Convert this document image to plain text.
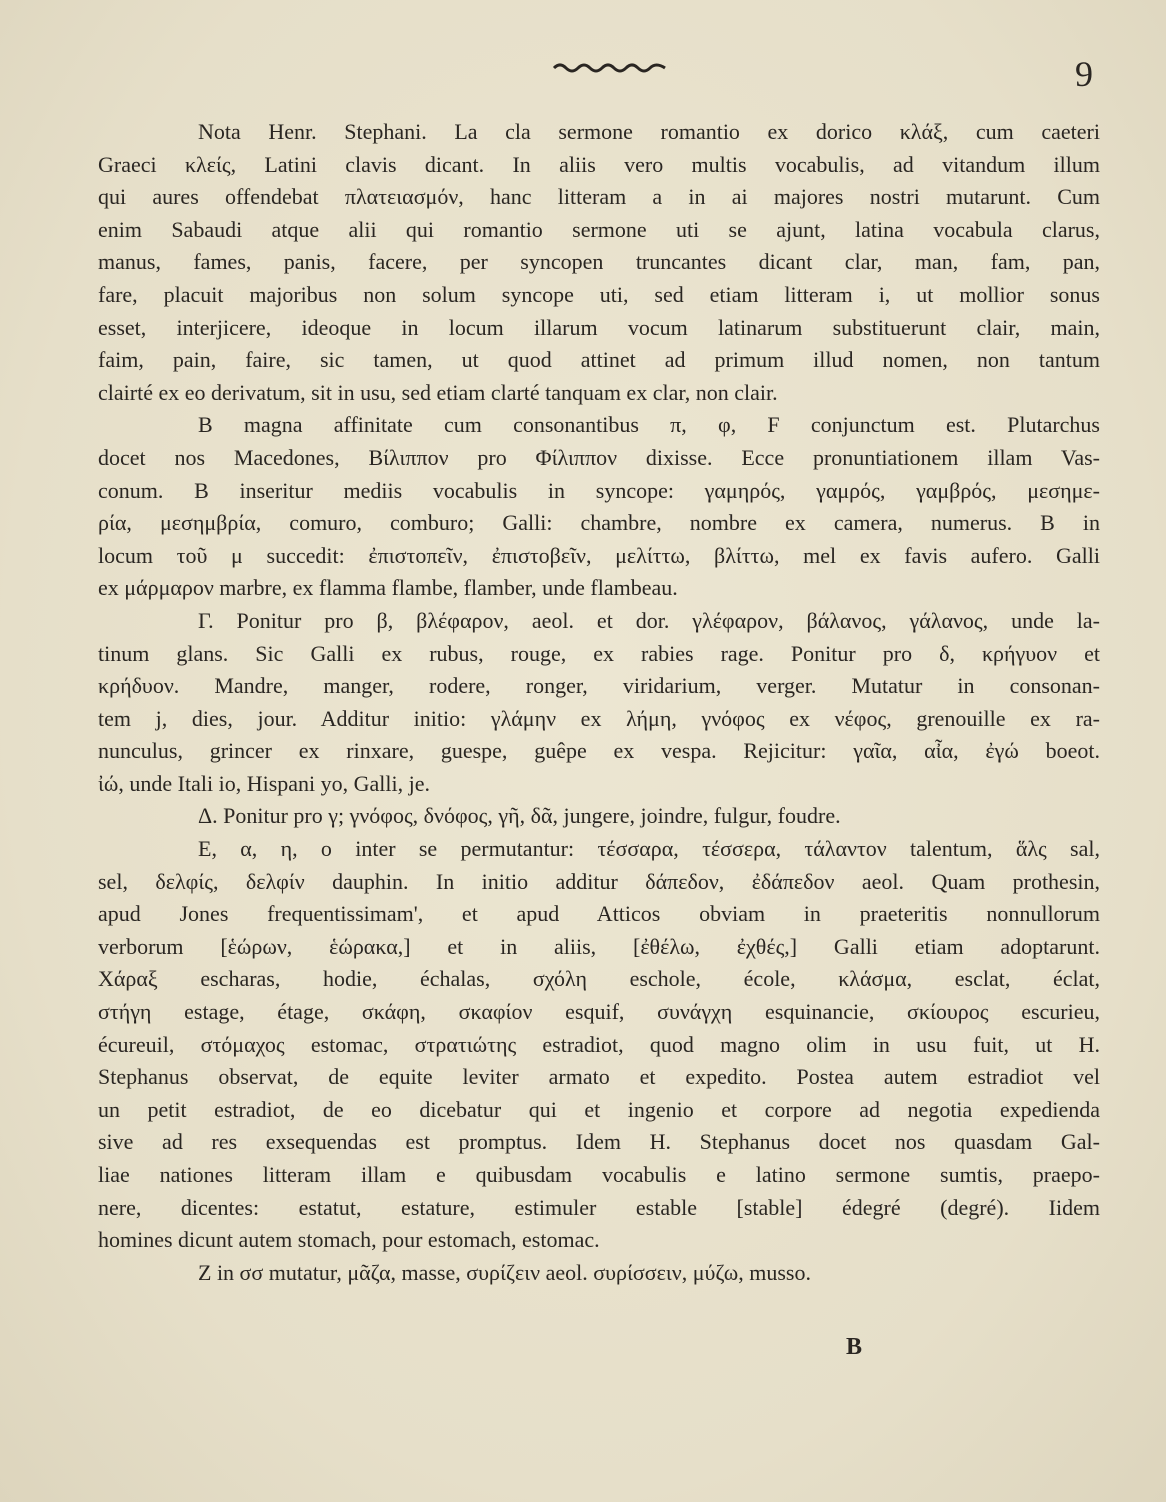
9
Nota Henr. Stephani. La cla sermone romantio ex dorico κλάξ, cum caeteri
Graeci κλείς, Latini clavis dicant. In aliis vero multis vocabulis, ad vitandum illum
qui aures offendebat πλατειασμόν, hanc litteram a in ai majores nostri mutarunt. Cum
enim Sabaudi atque alii qui romantio sermone uti se ajunt, latina vocabula clarus,
manus, fames, panis, facere, per syncopen truncantes dicant clar, man, fam, pan,
fare, placuit majoribus non solum syncope uti, sed etiam litteram i, ut mollior sonus
esset, interjicere, ideoque in locum illarum vocum latinarum substituerunt clair, main,
faim, pain, faire, sic tamen, ut quod attinet ad primum illud nomen, non tantum
clairté ex eo derivatum, sit in usu, sed etiam clarté tanquam ex clar, non clair.
B magna affinitate cum consonantibus π, φ, F conjunctum est. Plutarchus
docet nos Macedones, Βίλιππον pro Φίλιππον dixisse. Ecce pronuntiationem illam Vas-
conum. B inseritur mediis vocabulis in syncope: γαμηρός, γαμρός, γαμβρός, μεσημε-
ρία, μεσημβρία, comuro, comburo; Galli: chambre, nombre ex camera, numerus. B in
locum τοῦ μ succedit: ἐπιστοπεῖν, ἐπιστοβεῖν, μελίττω, βλίττω, mel ex favis aufero. Galli
ex μάρμαρον marbre, ex flamma flambe, flamber, unde flambeau.
Γ. Ponitur pro β, βλέφαρον, aeol. et dor. γλέφαρον, βάλανος, γάλανος, unde la-
tinum glans. Sic Galli ex rubus, rouge, ex rabies rage. Ponitur pro δ, κρήγυον et
κρήδυον. Mandre, manger, rodere, ronger, viridarium, verger. Mutatur in consonan-
tem j, dies, jour. Additur initio: γλάμην ex λήμη, γνόφος ex νέφος, grenouille ex ra-
nunculus, grincer ex rinxare, guespe, guêpe ex vespa. Rejicitur: γαῖα, αἶα, ἐγώ boeot.
ἰώ, unde Itali io, Hispani yo, Galli, je.
Δ. Ponitur pro γ; γνόφος, δνόφος, γῆ, δᾶ, jungere, joindre, fulgur, foudre.
E, α, η, ο inter se permutantur: τέσσαρα, τέσσερα, τάλαντον talentum, ἅλς sal,
sel, δελφίς, δελφίν dauphin. In initio additur δάπεδον, ἐδάπεδον aeol. Quam prothesin,
apud Jones frequentissimam', et apud Atticos obviam in praeteritis nonnullorum
verborum [ἑώρων, ἑώρακα,] et in aliis, [ἐθέλω, ἐχθές,] Galli etiam adoptarunt.
Χάραξ escharas, hodie, échalas, σχόλη eschole, école, κλάσμα, esclat, éclat,
στήγη estage, étage, σκάφη, σκαφίον esquif, συνάγχη esquinancie, σκίουρος escurieu,
écureuil, στόμαχος estomac, στρατιώτης estradiot, quod magno olim in usu fuit, ut H.
Stephanus observat, de equite leviter armato et expedito. Postea autem estradiot vel
un petit estradiot, de eo dicebatur qui et ingenio et corpore ad negotia expedienda
sive ad res exsequendas est promptus. Idem H. Stephanus docet nos quasdam Gal-
liae nationes litteram illam e quibusdam vocabulis e latino sermone sumtis, praepo-
nere, dicentes: estatut, estature, estimuler estable [stable] édegré (degré). Iidem
homines dicunt autem stomach, pour estomach, estomac.
Z in σσ mutatur, μᾶζα, masse, συρίζειν aeol. συρίσσειν, μύζω, musso.
B
